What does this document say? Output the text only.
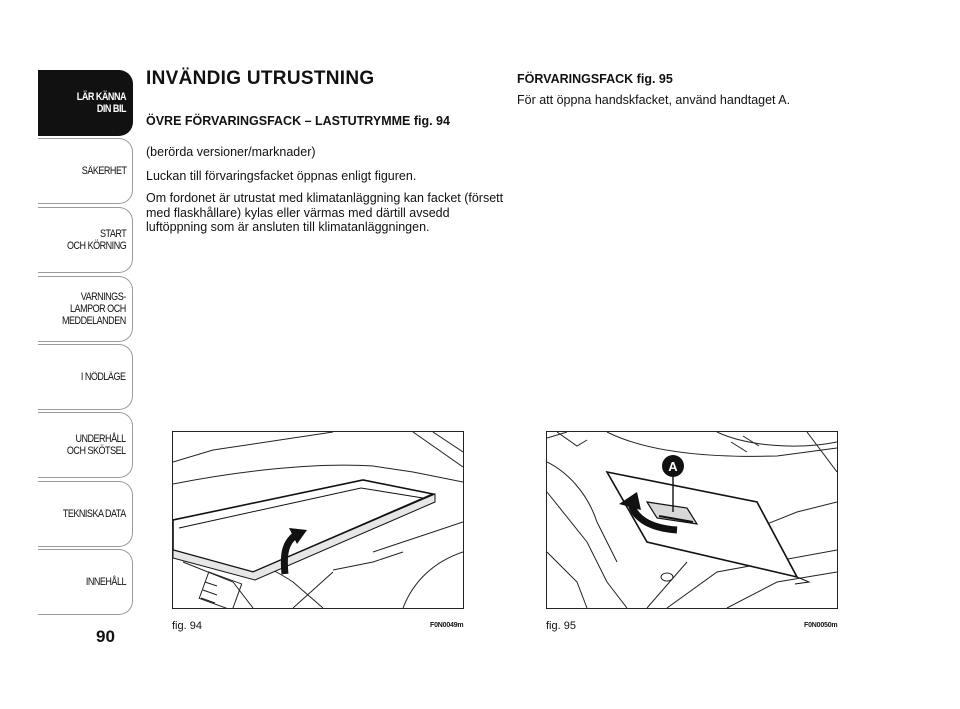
LÄR KÄNNA
DIN BIL
SÄKERHET
START
OCH KÖRNING
VARNINGS-
LAMPOR OCH
MEDDELANDEN
I NÖDLÄGE
UNDERHÅLL
OCH SKÖTSEL
TEKNISKA DATA
INNEHÅLL
90
INVÄNDIG UTRUSTNING
ÖVRE FÖRVARINGSFACK – LASTUTRYMME fig. 94

(berörda versioner/marknader)

Luckan till förvaringsfacket öppnas enligt figuren.

Om fordonet är utrustat med klimatanläggning kan facket (försett med flaskhållare) kylas eller värmas med därtill avsedd luftöppning som är ansluten till klimatanläggningen.

FÖRVARINGSFACK fig. 95

För att öppna handskfacket, använd handtaget A.

A
fig. 94	F0N0049m	fig. 95	F0N0050m
